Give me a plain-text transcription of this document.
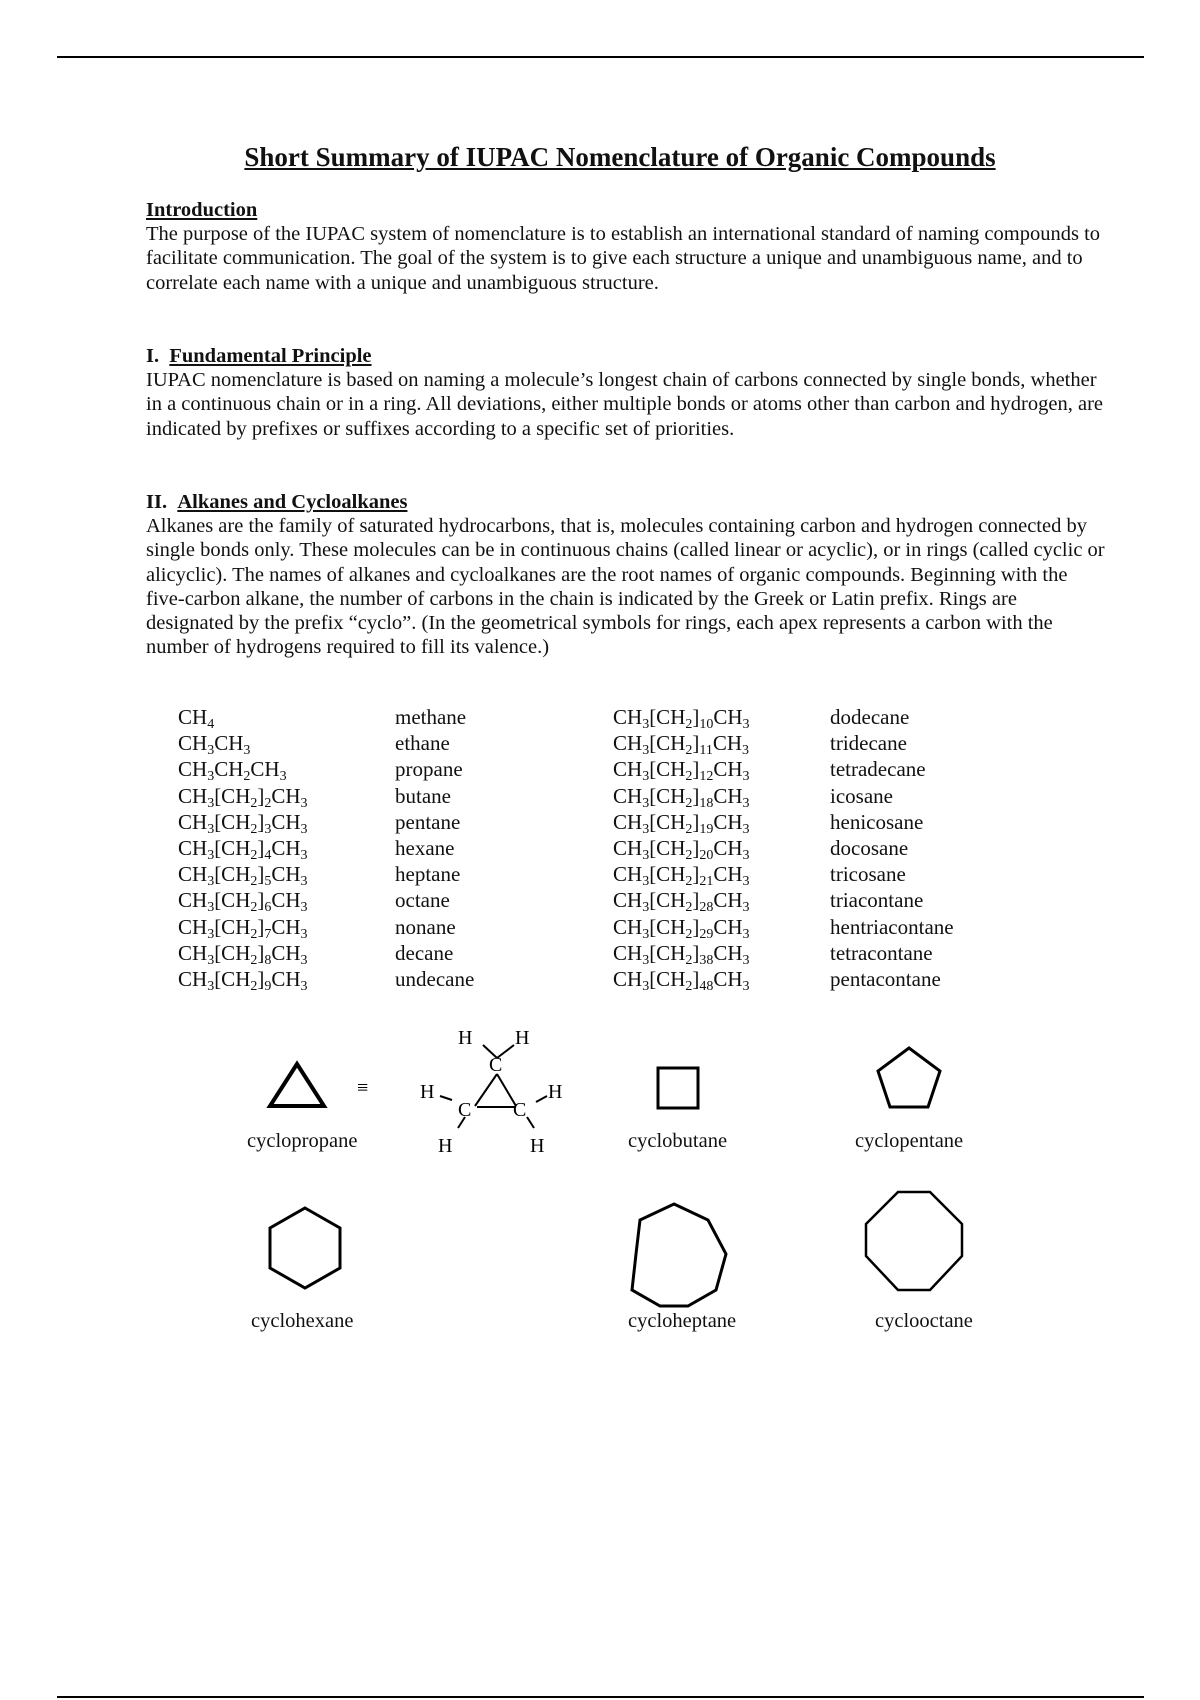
Short Summary of IUPAC Nomenclature of Organic Compounds
Introduction

The purpose of the IUPAC system of nomenclature is to establish an international standard of naming compounds to facilitate communication. The goal of the system is to give each structure a unique and unambiguous name, and to correlate each name with a unique and unambiguous structure.

I. Fundamental Principle

IUPAC nomenclature is based on naming a molecule’s longest chain of carbons connected by single bonds, whether in a continuous chain or in a ring. All deviations, either multiple bonds or atoms other than carbon and hydrogen, are indicated by prefixes or suffixes according to a specific set of priorities.

II. Alkanes and Cycloalkanes

Alkanes are the family of saturated hydrocarbons, that is, molecules containing carbon and hydrogen connected by single bonds only. These molecules can be in continuous chains (called linear or acyclic), or in rings (called cyclic or alicyclic). The names of alkanes and cycloalkanes are the root names of organic compounds. Beginning with the five-carbon alkane, the number of carbons in the chain is indicated by the Greek or Latin prefix. Rings are designated by the prefix “cyclo”. (In the geometrical symbols for rings, each apex represents a carbon with the number of hydrogens required to fill its valence.)

$CH_4$	methane	$CH_3[CH_2]_{10}CH_3$	dodecane
$CH_3CH_3$	ethane	$CH_3[CH_2]_{11}CH_3$	tridecane
$CH_3CH_2CH_3$	propane	$CH_3[CH_2]_{12}CH_3$	tetradecane
$CH_3[CH_2]_2CH_3$	butane	$CH_3[CH_2]_{18}CH_3$	icosane
$CH_3[CH_2]_3CH_3$	pentane	$CH_3[CH_2]_{19}CH_3$	henicosane
$CH_3[CH_2]_4CH_3$	hexane	$CH_3[CH_2]_{20}CH_3$	docosane
$CH_3[CH_2]_5CH_3$	heptane	$CH_3[CH_2]_{21}CH_3$	tricosane
$CH_3[CH_2]_6CH_3$	octane	$CH_3[CH_2]_{28}CH_3$	triacontane
$CH_3[CH_2]_7CH_3$	nonane	$CH_3[CH_2]_{29}CH_3$	hentriacontane
$CH_3[CH_2]_8CH_3$	decane	$CH_3[CH_2]_{38}CH_3$	tetracontane
$CH_3[CH_2]_9CH_3$	undecane	$CH_3[CH_2]_{48}CH_3$	pentacontane
≡
H H
C
H	H
C C
H	H
cyclopropane	cyclobutane	cyclopentane
cyclohexane	cycloheptane	cyclooctane
